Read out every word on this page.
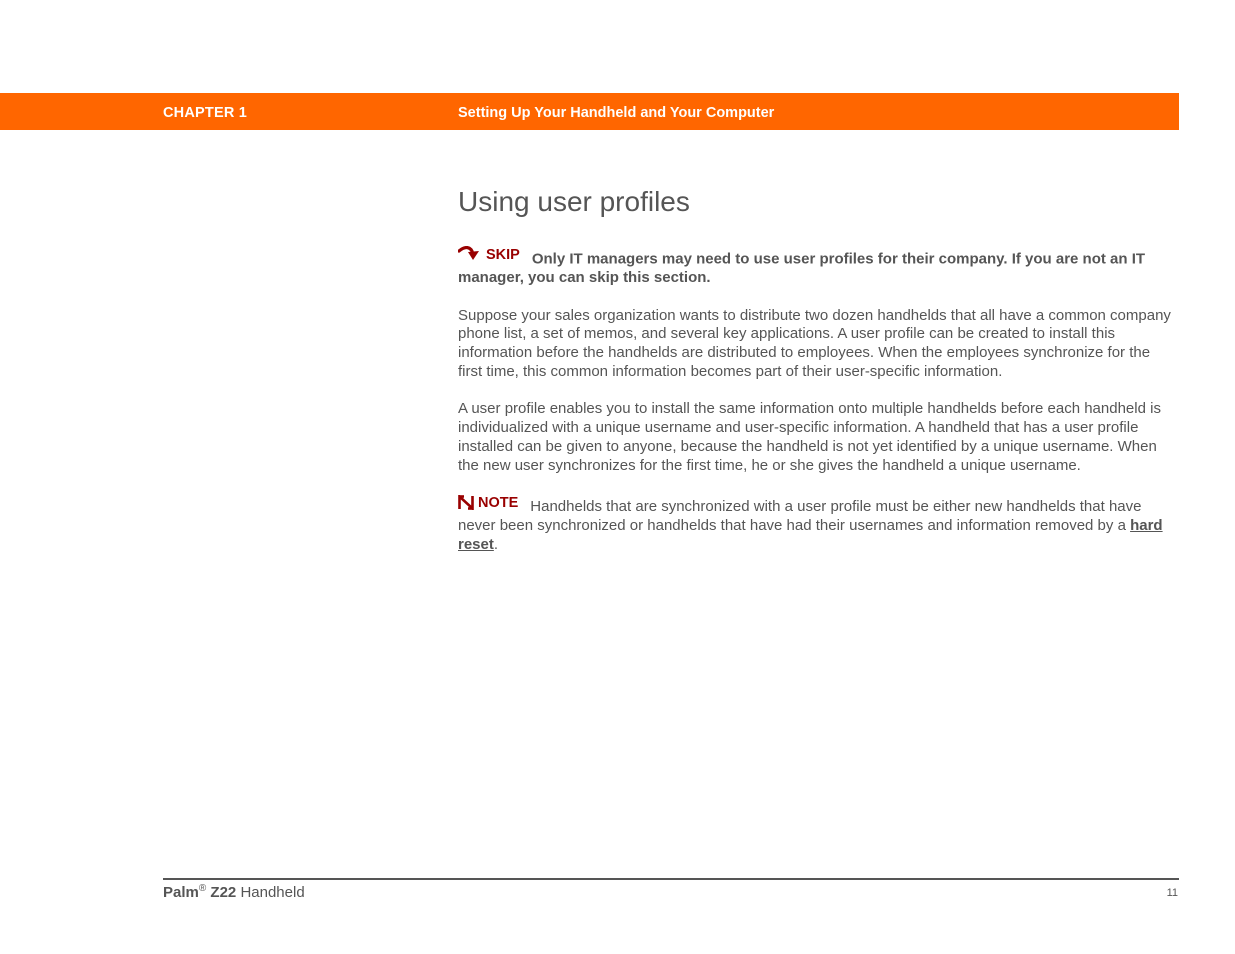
CHAPTER 1	Setting Up Your Handheld and Your Computer
Using user profiles

SKIP Only IT managers may need to use user profiles for their company. If you are not an IT manager, you can skip this section.

Suppose your sales organization wants to distribute two dozen handhelds that all have a common company phone list, a set of memos, and several key applications. A user profile can be created to install this information before the handhelds are distributed to employees. When the employees synchronize for the first time, this common information becomes part of their user-specific information.

A user profile enables you to install the same information onto multiple handhelds before each handheld is individualized with a unique username and user-specific information. A handheld that has a user profile installed can be given to anyone, because the handheld is not yet identified by a unique username. When the new user synchronizes for the first time, he or she gives the handheld a unique username.

NOTE Handhelds that are synchronized with a user profile must be either new handhelds that have never been synchronized or handhelds that have had their usernames and information removed by a hard reset.

Palm® Z22 Handheld	11
